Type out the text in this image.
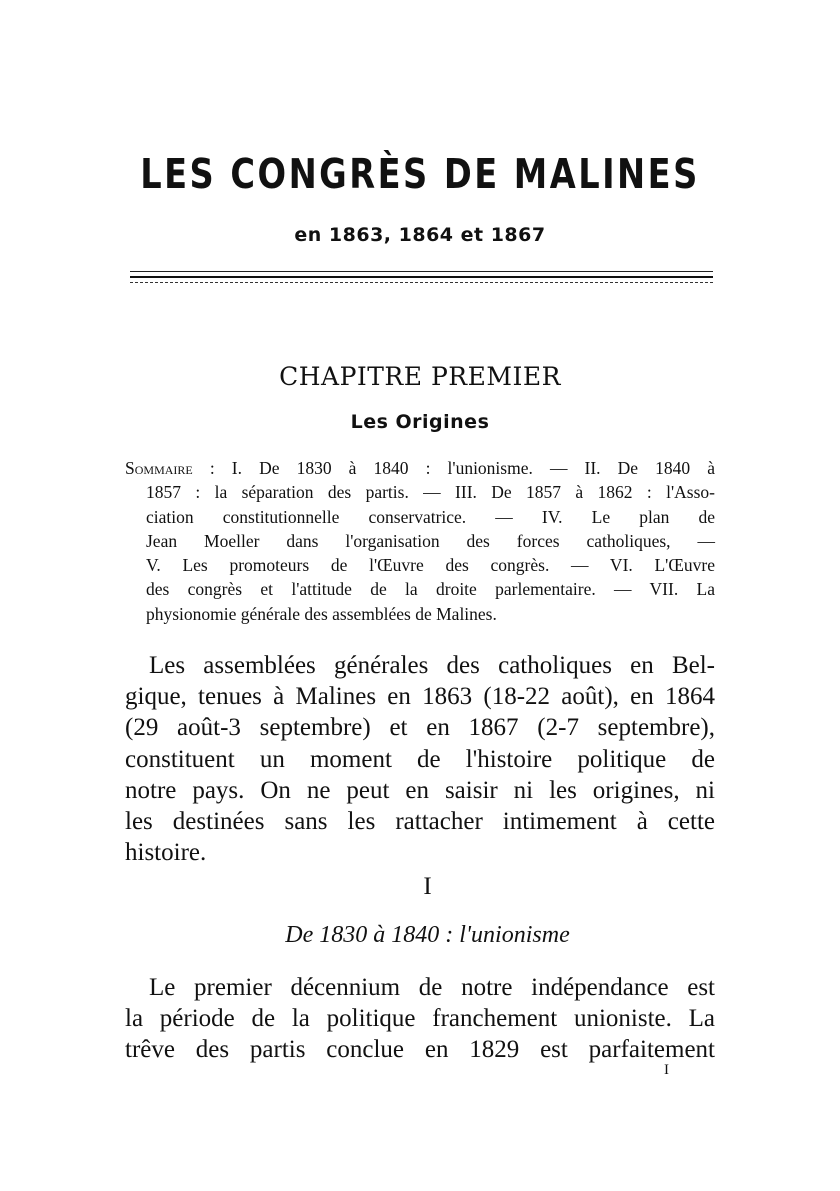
LES CONGRÈS DE MALINES
en 1863, 1864 et 1867
CHAPITRE PREMIER
Les Origines
Sommaire : I. De 1830 à 1840 : l'unionisme. — II. De 1840 à
1857 : la séparation des partis. — III. De 1857 à 1862 : l'Asso-
ciation constitutionnelle conservatrice. — IV. Le plan de
Jean Moeller dans l'organisation des forces catholiques, —
V. Les promoteurs de l'Œuvre des congrès. — VI. L'Œuvre
des congrès et l'attitude de la droite parlementaire. — VII. La
physionomie générale des assemblées de Malines.
Les assemblées générales des catholiques en Bel-
gique, tenues à Malines en 1863 (18-22 août), en 1864
(29 août-3 septembre) et en 1867 (2-7 septembre),
constituent un moment de l'histoire politique de
notre pays. On ne peut en saisir ni les origines, ni
les destinées sans les rattacher intimement à cette
histoire.
I
De 1830 à 1840 : l'unionisme
Le premier décennium de notre indépendance est
la période de la politique franchement unioniste. La
trêve des partis conclue en 1829 est parfaitement
I
